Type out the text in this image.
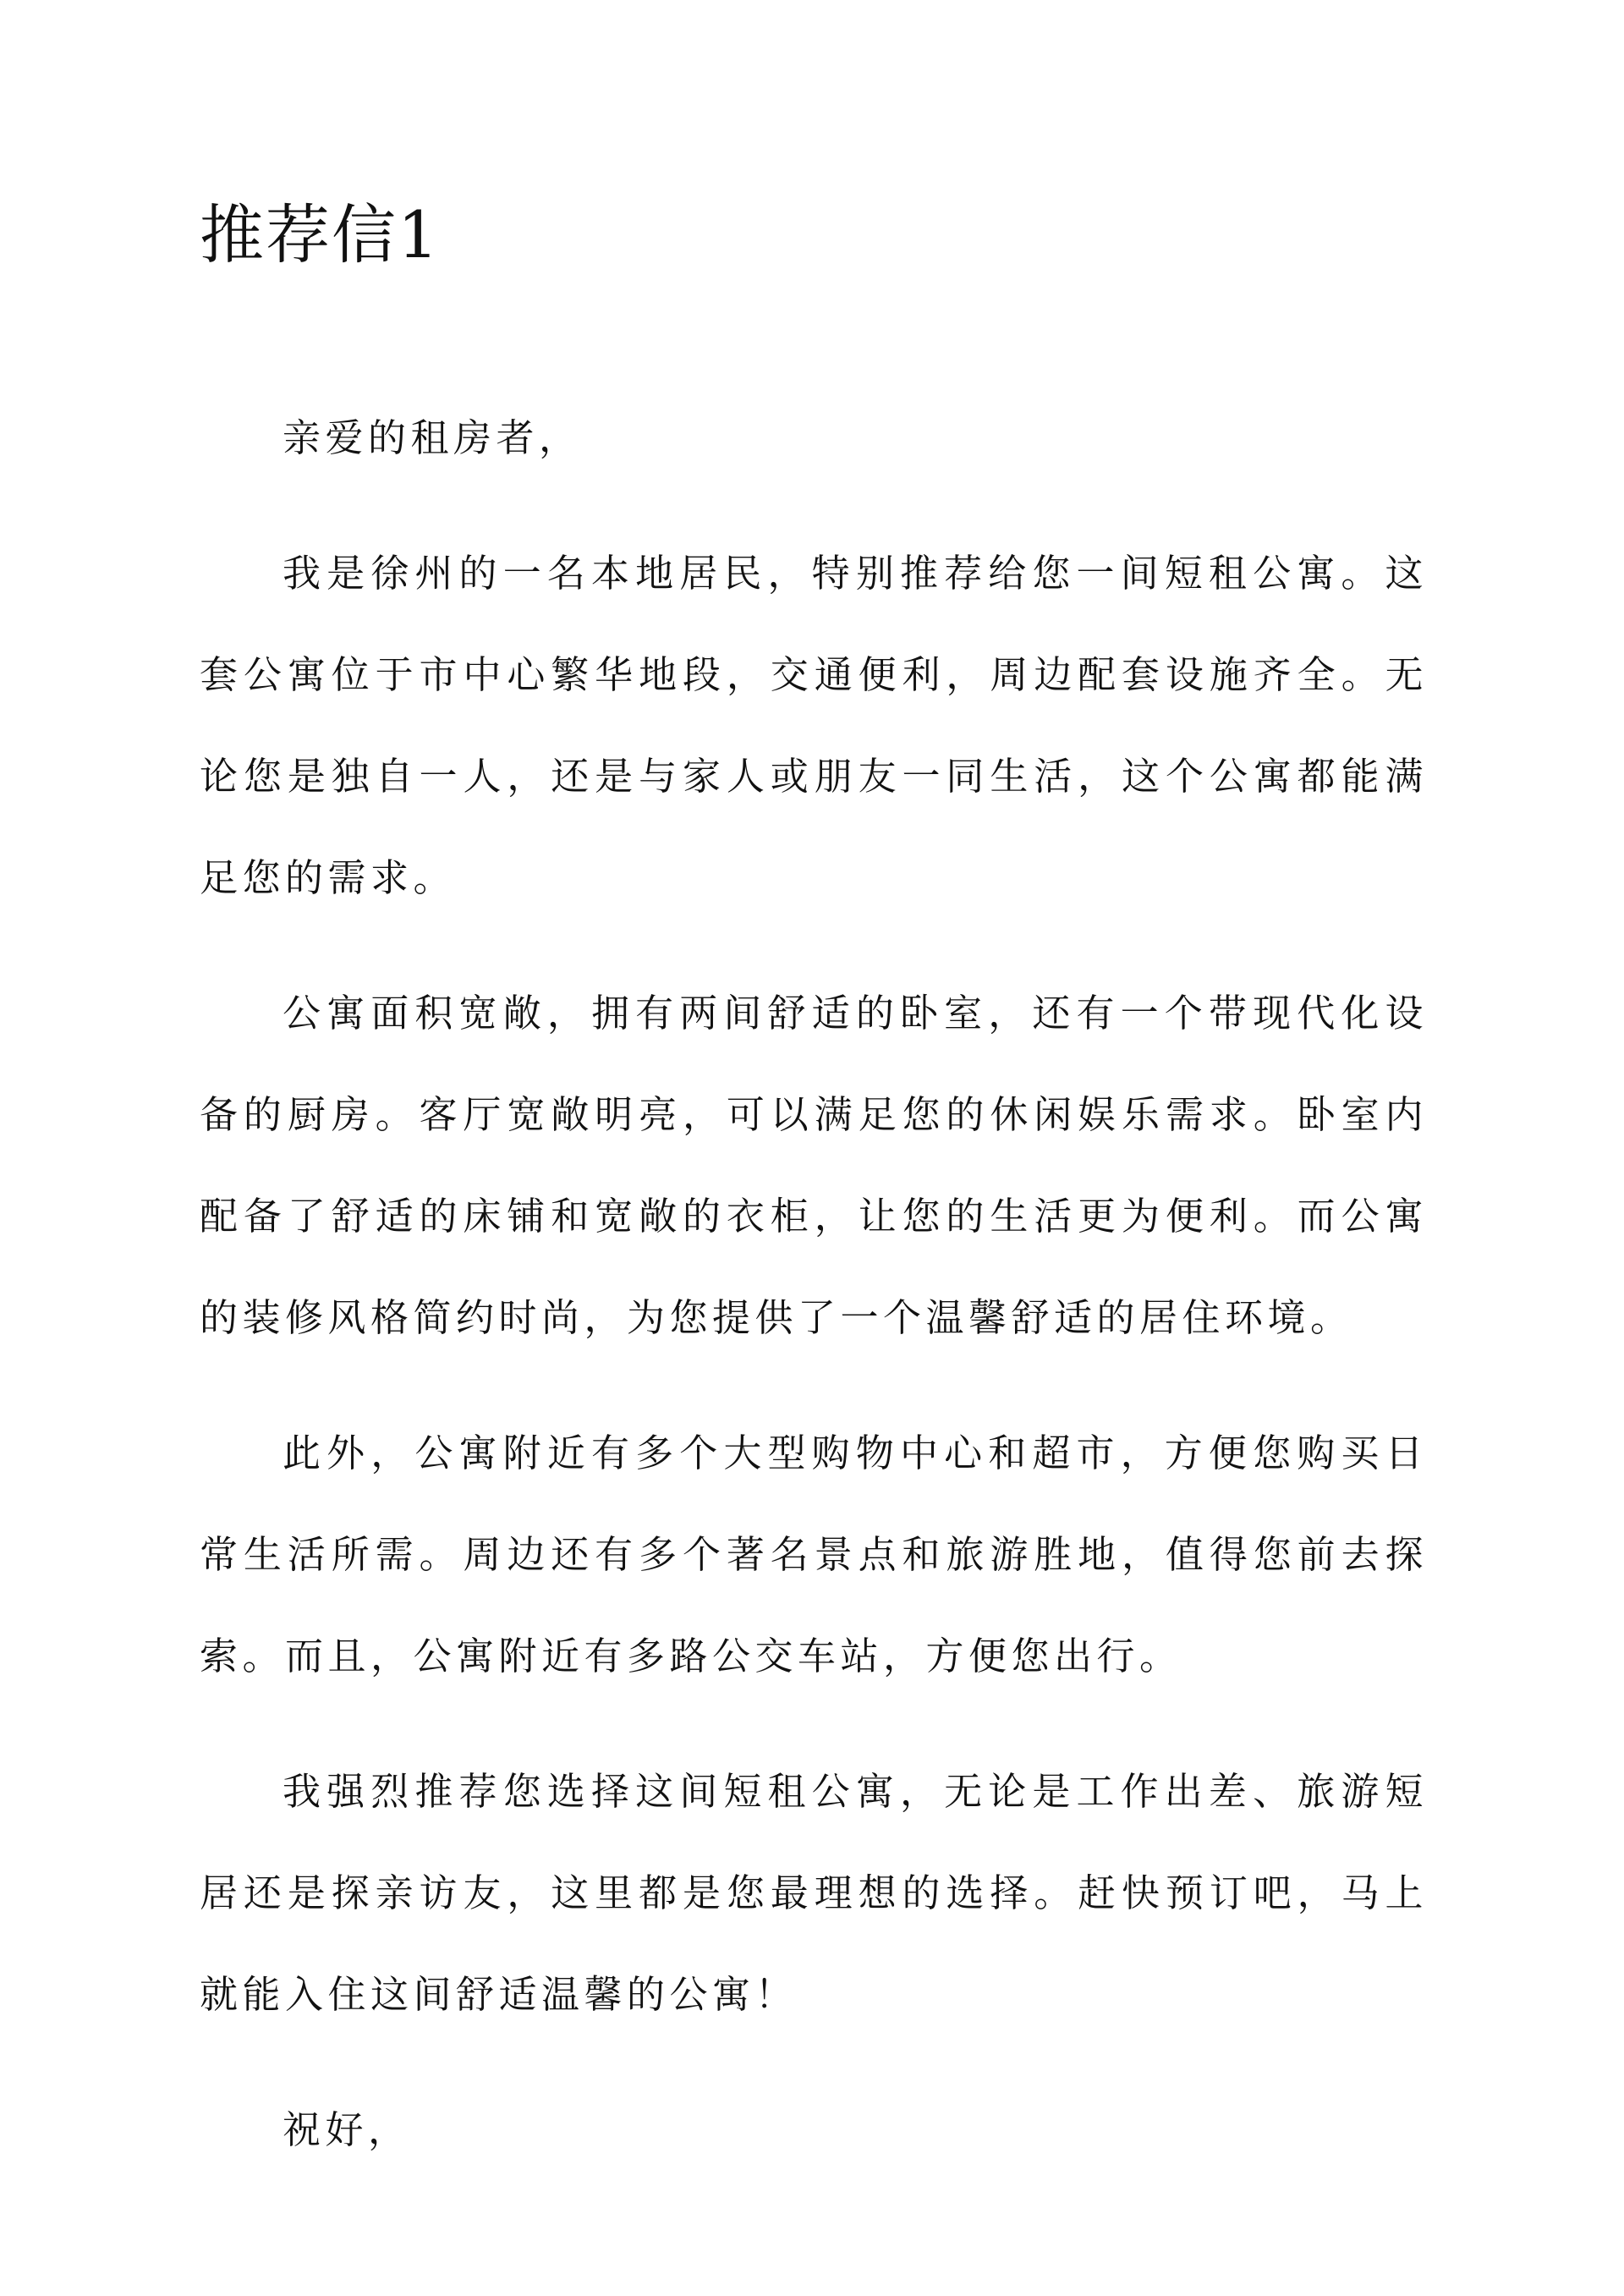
推荐信1

亲爱的租房者，

我是徐州的一名本地居民，特别推荐给您一间短租公寓。这套公寓位于市中心繁华地段，交通便利，周边配套设施齐全。无论您是独自一人，还是与家人或朋友一同生活，这个公寓都能满足您的需求。

公寓面积宽敞，拥有两间舒适的卧室，还有一个带现代化设备的厨房。客厅宽敞明亮，可以满足您的休闲娱乐需求。卧室内配备了舒适的床铺和宽敞的衣柜，让您的生活更为便利。而公寓的装修风格简约时尚，为您提供了一个温馨舒适的居住环境。

此外，公寓附近有多个大型购物中心和超市，方便您购买日常生活所需。周边还有多个著名景点和旅游胜地，值得您前去探索。而且，公寓附近有多路公交车站，方便您出行。

我强烈推荐您选择这间短租公寓，无论是工作出差、旅游短居还是探亲访友，这里都是您最理想的选择。赶快预订吧，马上就能入住这间舒适温馨的公寓！

祝好，
